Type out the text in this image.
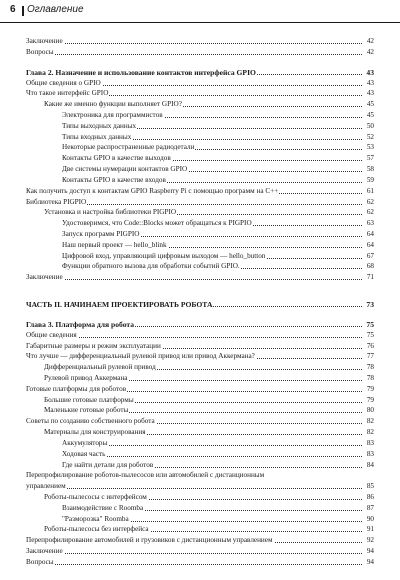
6 Оглавление
Заключение	42
Вопросы	42
Глава 2. Назначение и использование контактов интерфейса GPIO	43
Общие сведения о GPIO	43
Что такое интерфейс GPIO	43
Какие же именно функции выполняет GPIO?	45
Электроника для программистов	45
Типы выходных данных	50
Типы входных данных	52
Некоторые распространенные радиодетали	53
Контакты GPIO в качестве выходов	57
Две системы нумерации контактов GPIO	58
Контакты GPIO в качестве входов	59
Как получить доступ к контактам GPIO Raspberry Pi с помощью программ на С++	61
Библиотека PIGPIO	62
Установка и настройка библиотеки PIGPIO	62
Удостоверимся, что Code::Blocks может обращаться к PIGPIO	63
Запуск программ PIGPIO	64
Наш первый проект — hello_blink	64
Цифровой вход, управляющий цифровым выходом — hello_button	67
Функции обратного вызова для обработки событий GPIO.	68
Заключение	71
ЧАСТЬ II. НАЧИНАЕМ ПРОЕКТИРОВАТЬ РОБОТА	73
Глава 3. Платформа для робота	75
Общие сведения	75
Габаритные размеры и режим эксплуатации	76
Что лучше — дифференциальный рулевой привод или привод Аккермана?	77
Дифференциальный рулевой привод	78
Рулевой привод Аккермана	78
Готовые платформы для роботов	79
Большие готовые платформы	79
Маленькие готовые роботы	80
Советы по созданию собственного робота	82
Материалы для конструирования	82
Аккумуляторы	83
Ходовая часть	83
Где найти детали для роботов	84
Перепрофилирование роботов-пылесосов или автомобилей с дистанционным
управлением	85
Роботы-пылесосы с интерфейсом	86
Взаимодействие с Roomba	87
"Разморозка" Roomba	90
Роботы-пылесосы без интерфейса	91
Перепрофилирование автомобилей и грузовиков с дистанционным управлением	92
Заключение	94
Вопросы	94
